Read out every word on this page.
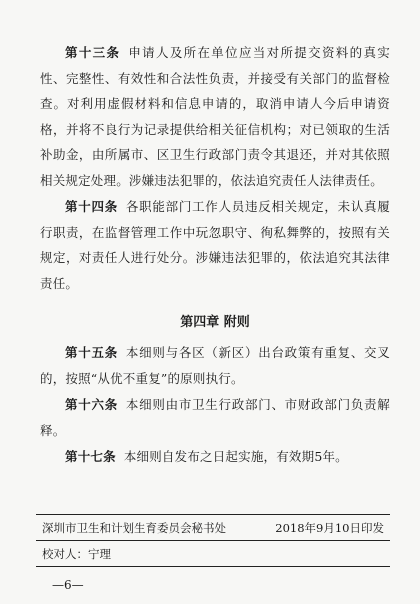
第十三条 申请人及所在单位应当对所提交资料的真实性、完整性、有效性和合法性负责，并接受有关部门的监督检查。对利用虚假材料和信息申请的，取消申请人今后申请资格，并将不良行为记录提供给相关征信机构；对已领取的生活补助金，由所属市、区卫生行政部门责令其退还，并对其依照相关规定处理。涉嫌违法犯罪的，依法追究责任人法律责任。

第十四条 各职能部门工作人员违反相关规定，未认真履行职责，在监督管理工作中玩忽职守、徇私舞弊的，按照有关规定，对责任人进行处分。涉嫌违法犯罪的，依法追究其法律责任。

第四章 附则

第十五条 本细则与各区（新区）出台政策有重复、交叉的，按照“从优不重复”的原则执行。

第十六条 本细则由市卫生行政部门、市财政部门负责解释。

第十七条 本细则自发布之日起实施，有效期5年。

深圳市卫生和计划生育委员会秘书处	2018年9月10日印发
校对人：宁理
—6—
